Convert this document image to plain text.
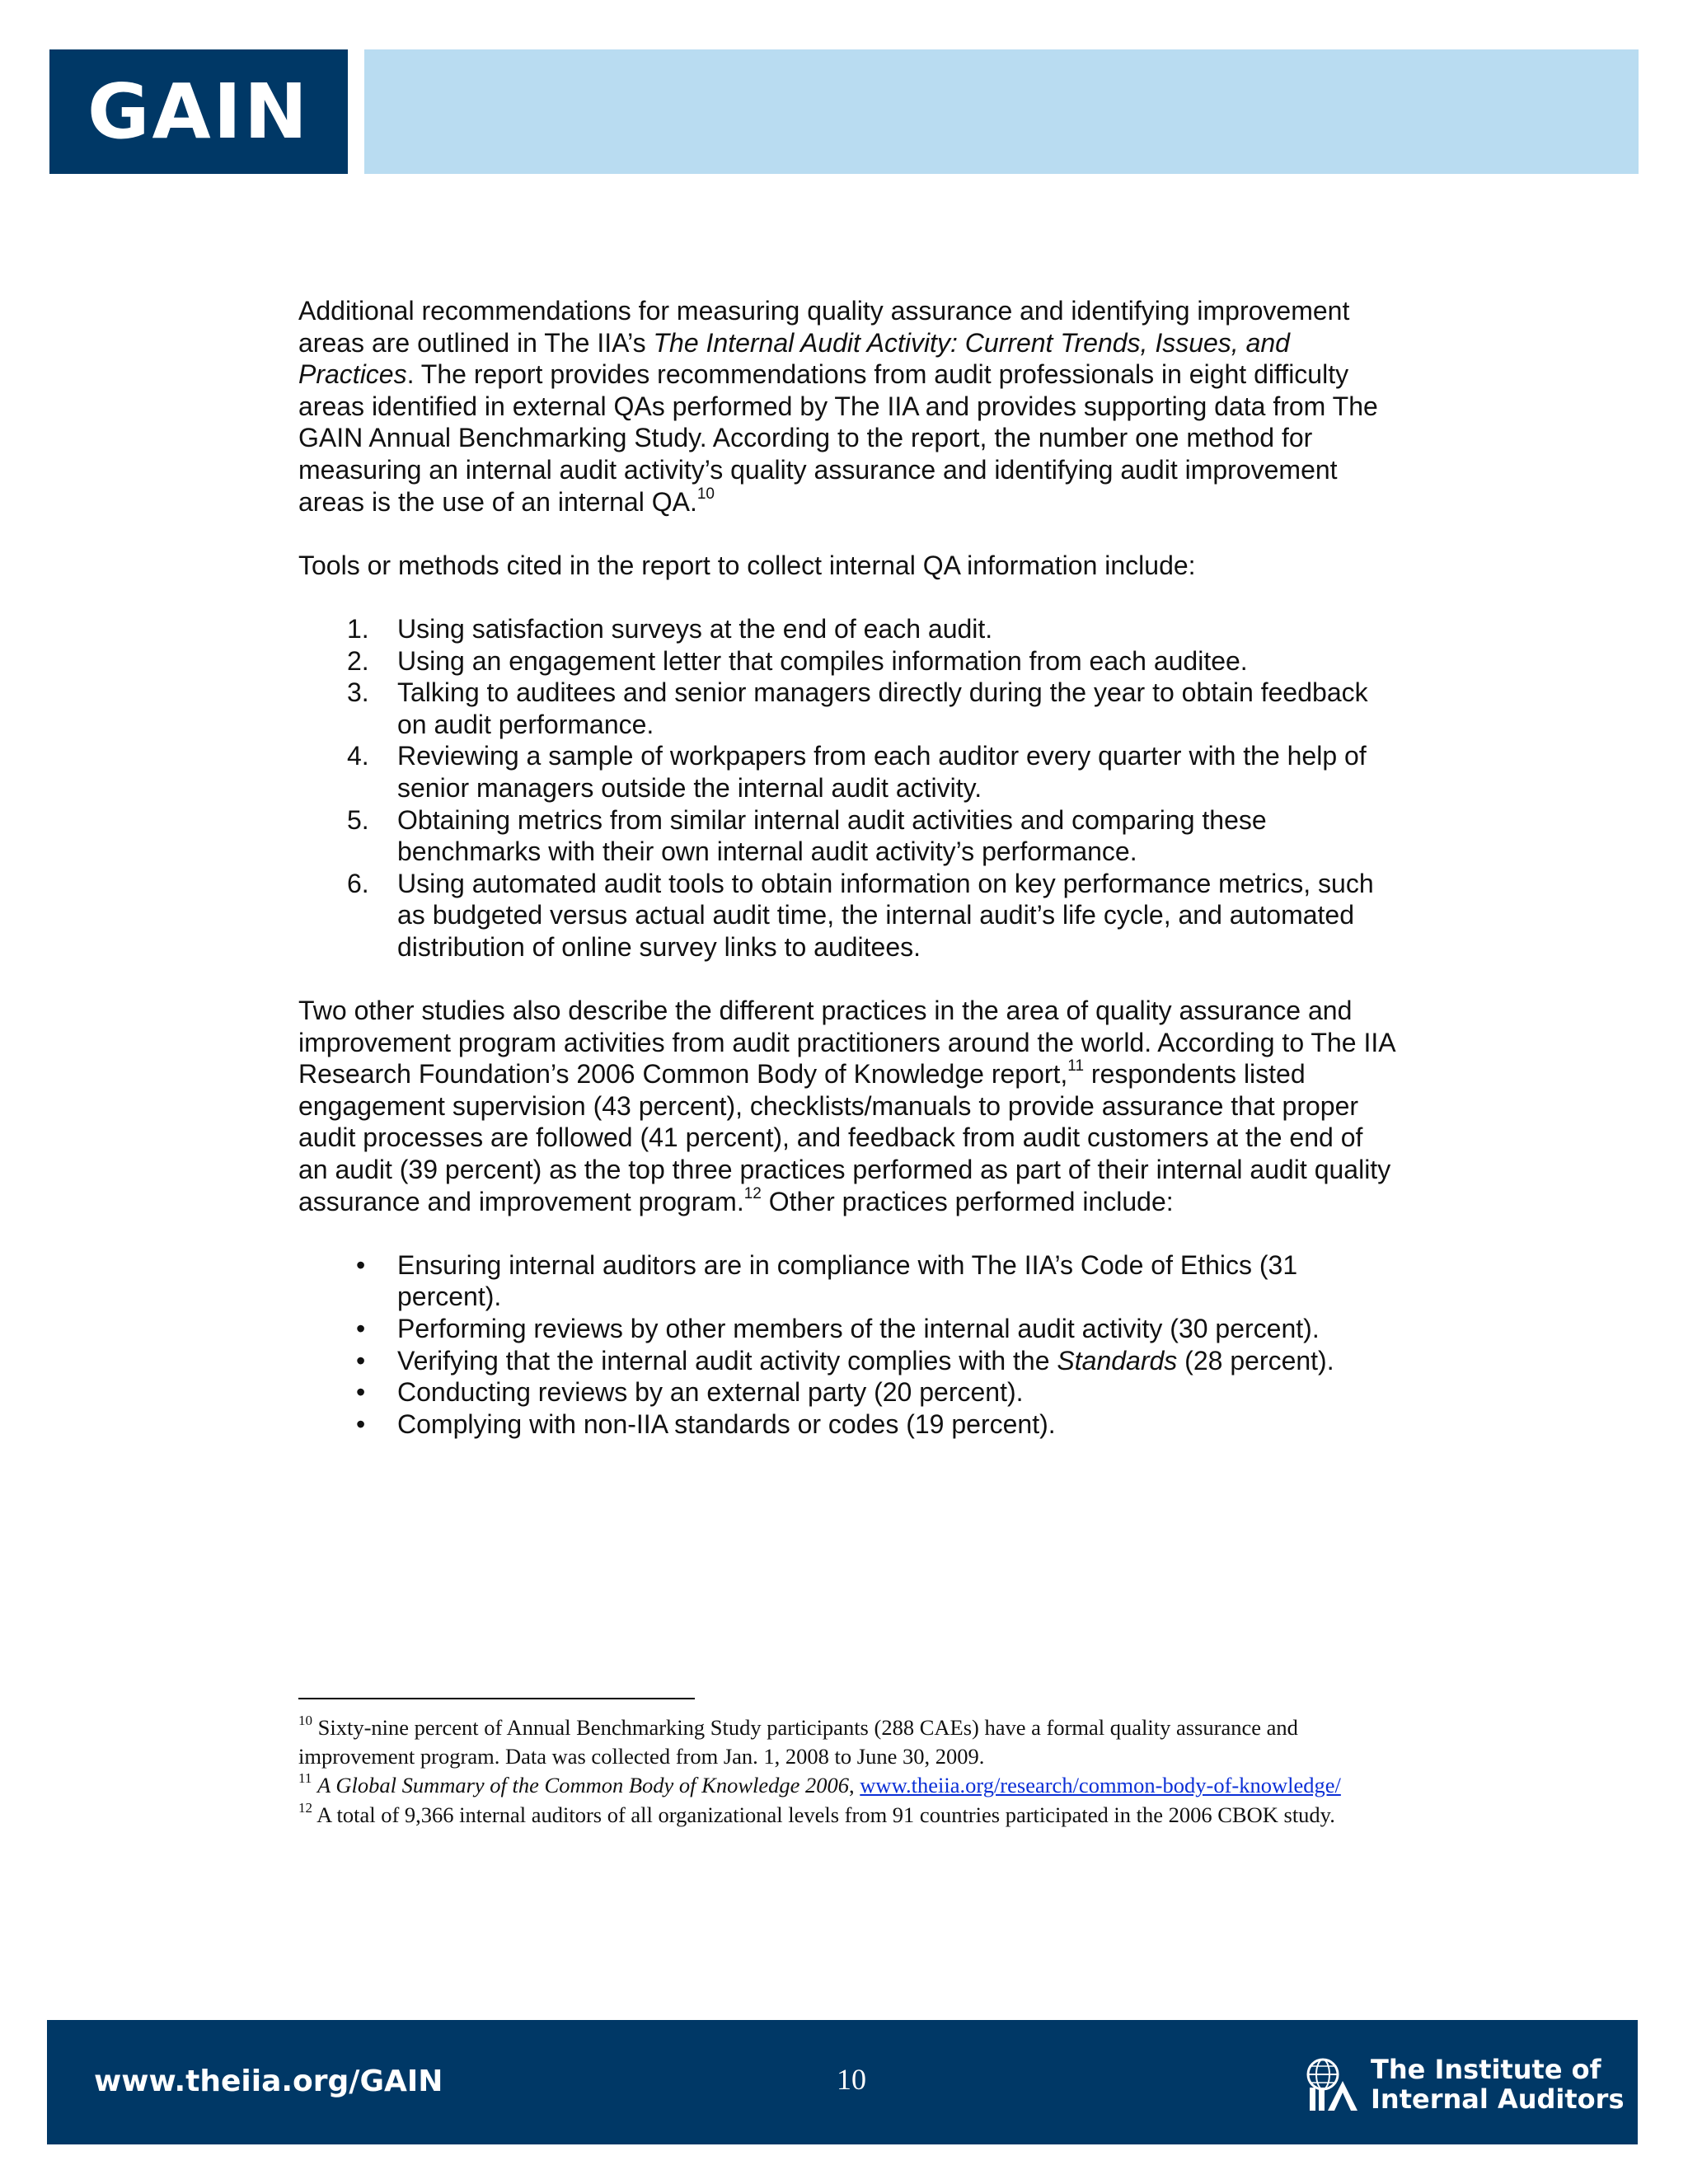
GAIN

Additional recommendations for measuring quality assurance and identifying improvement areas are outlined in The IIA’s The Internal Audit Activity: Current Trends, Issues, and Practices. The report provides recommendations from audit professionals in eight difficulty areas identified in external QAs performed by The IIA and provides supporting data from The GAIN Annual Benchmarking Study. According to the report, the number one method for measuring an internal audit activity’s quality assurance and identifying audit improvement areas is the use of an internal QA.$^{10}$

Tools or methods cited in the report to collect internal QA information include:

1. Using satisfaction surveys at the end of each audit.
2. Using an engagement letter that compiles information from each auditee.
3. Talking to auditees and senior managers directly during the year to obtain feedback on audit performance.
4. Reviewing a sample of workpapers from each auditor every quarter with the help of senior managers outside the internal audit activity.
5. Obtaining metrics from similar internal audit activities and comparing these benchmarks with their own internal audit activity’s performance.
6. Using automated audit tools to obtain information on key performance metrics, such as budgeted versus actual audit time, the internal audit’s life cycle, and automated distribution of online survey links to auditees.

Two other studies also describe the different practices in the area of quality assurance and improvement program activities from audit practitioners around the world. According to The IIA Research Foundation’s 2006 Common Body of Knowledge report,$^{11}$ respondents listed engagement supervision (43 percent), checklists/manuals to provide assurance that proper audit processes are followed (41 percent), and feedback from audit customers at the end of an audit (39 percent) as the top three practices performed as part of their internal audit quality assurance and improvement program.$^{12}$ Other practices performed include:

• Ensuring internal auditors are in compliance with The IIA’s Code of Ethics (31 percent).
• Performing reviews by other members of the internal audit activity (30 percent).
• Verifying that the internal audit activity complies with the Standards (28 percent).
• Conducting reviews by an external party (20 percent).
• Complying with non-IIA standards or codes (19 percent).

$^{10}$ Sixty-nine percent of Annual Benchmarking Study participants (288 CAEs) have a formal quality assurance and improvement program. Data was collected from Jan. 1, 2008 to June 30, 2009.

$^{11}$ A Global Summary of the Common Body of Knowledge 2006, www.theiia.org/research/common-body-of-knowledge/

$^{12}$ A total of 9,366 internal auditors of all organizational levels from 91 countries participated in the 2006 CBOK study.

www.theiia.org/GAIN	10	The Institute of
Internal Auditors
